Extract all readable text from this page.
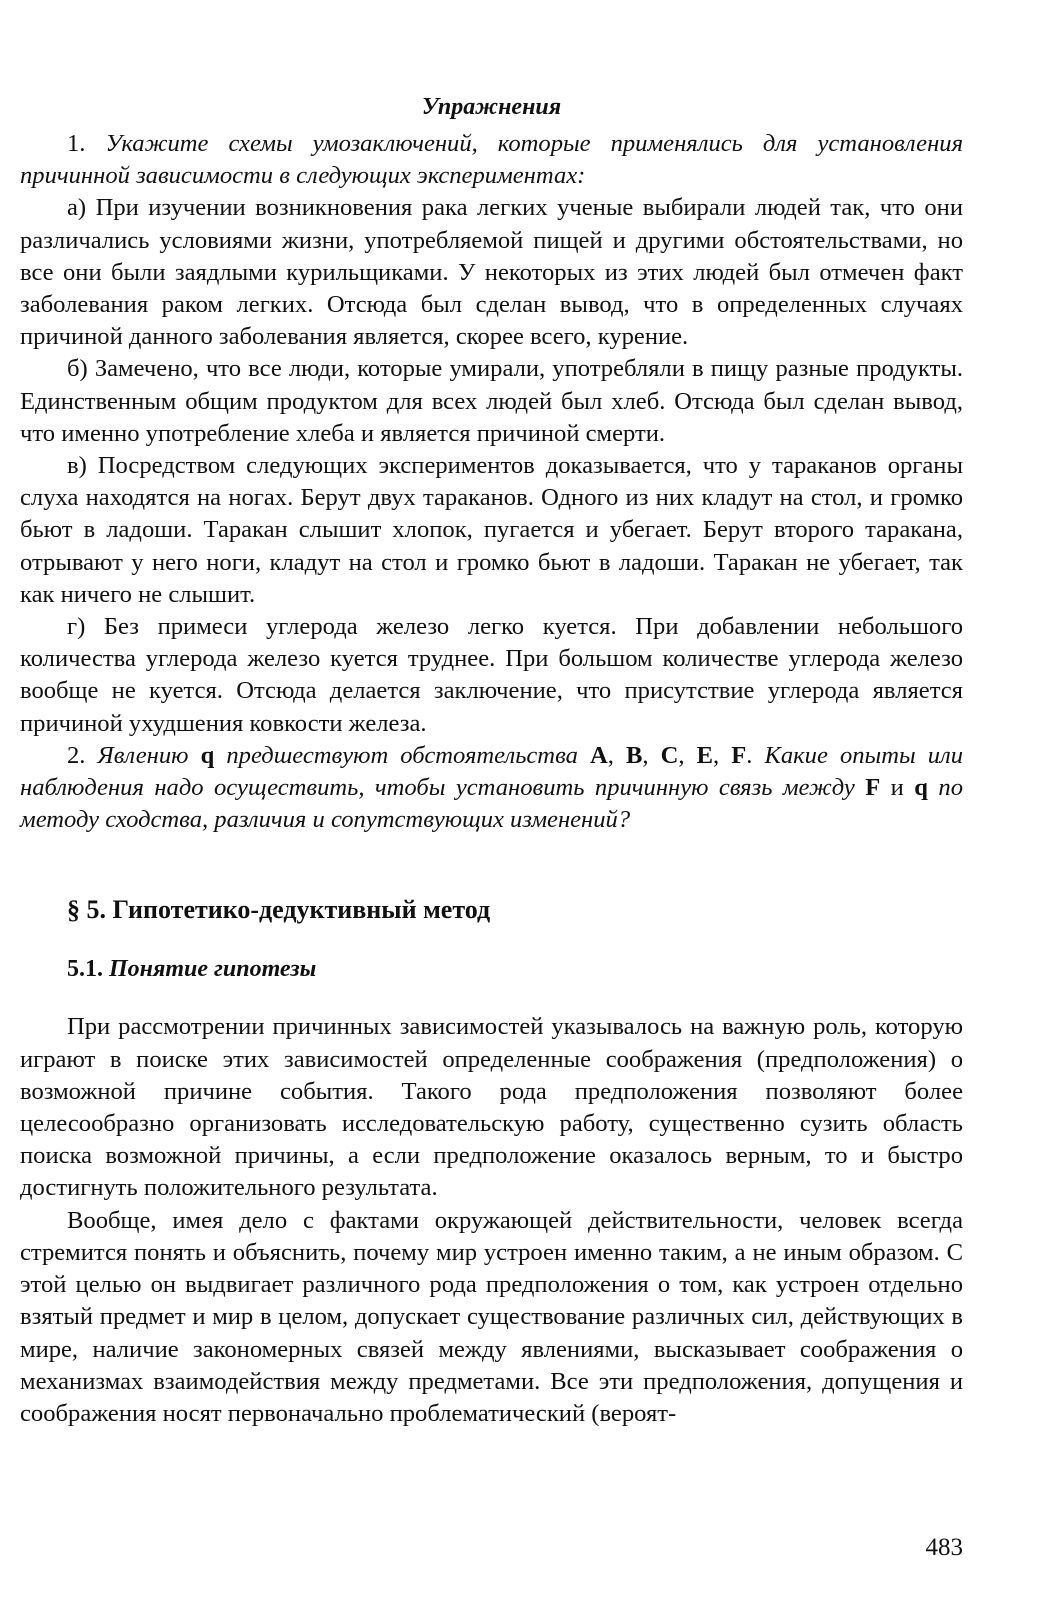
Упражнения

1. Укажите схемы умозаключений, которые применялись для установления причинной зависимости в следующих экспериментах:

а) При изучении возникновения рака легких ученые выбирали людей так, что они различались условиями жизни, употребляемой пищей и другими обстоятельствами, но все они были заядлыми курильщиками. У некоторых из этих людей был отмечен факт заболевания раком легких. Отсюда был сделан вывод, что в определенных случаях причиной данного заболевания является, скорее всего, курение.

б) Замечено, что все люди, которые умирали, употребляли в пищу разные продукты. Единственным общим продуктом для всех людей был хлеб. Отсюда был сделан вывод, что именно употребление хлеба и является причиной смерти.

в) Посредством следующих экспериментов доказывается, что у тараканов органы слуха находятся на ногах. Берут двух тараканов. Одного из них кладут на стол, и громко бьют в ладоши. Таракан слышит хлопок, пугается и убегает. Берут второго таракана, отрывают у него ноги, кладут на стол и громко бьют в ладоши. Таракан не убегает, так как ничего не слышит.

г) Без примеси углерода железо легко куется. При добавлении небольшого количества углерода железо куется труднее. При большом количестве углерода железо вообще не куется. Отсюда делается заключение, что присутствие углерода является причиной ухудшения ковкости железа.

2. Явлению q предшествуют обстоятельства A, B, C, E, F. Какие опыты или наблюдения надо осуществить, чтобы установить причинную связь между F и q по методу сходства, различия и сопутствующих изменений?

§ 5. Гипотетико-дедуктивный метод
5.1. Понятие гипотезы

При рассмотрении причинных зависимостей указывалось на важную роль, которую играют в поиске этих зависимостей определенные соображения (предположения) о возможной причине события. Такого рода предположения позволяют более целесообразно организовать исследовательскую работу, существенно сузить область поиска возможной причины, а если предположение оказалось верным, то и быстро достигнуть положительного результата.

Вообще, имея дело с фактами окружающей действительности, человек всегда стремится понять и объяснить, почему мир устроен именно таким, а не иным образом. С этой целью он выдвигает различного рода предположения о том, как устроен отдельно взятый предмет и мир в целом, допускает существование различных сил, действующих в мире, наличие закономерных связей между явлениями, высказывает соображения о механизмах взаимодействия между предметами. Все эти предположения, допущения и соображения носят первоначально проблематический (вероят-

483
